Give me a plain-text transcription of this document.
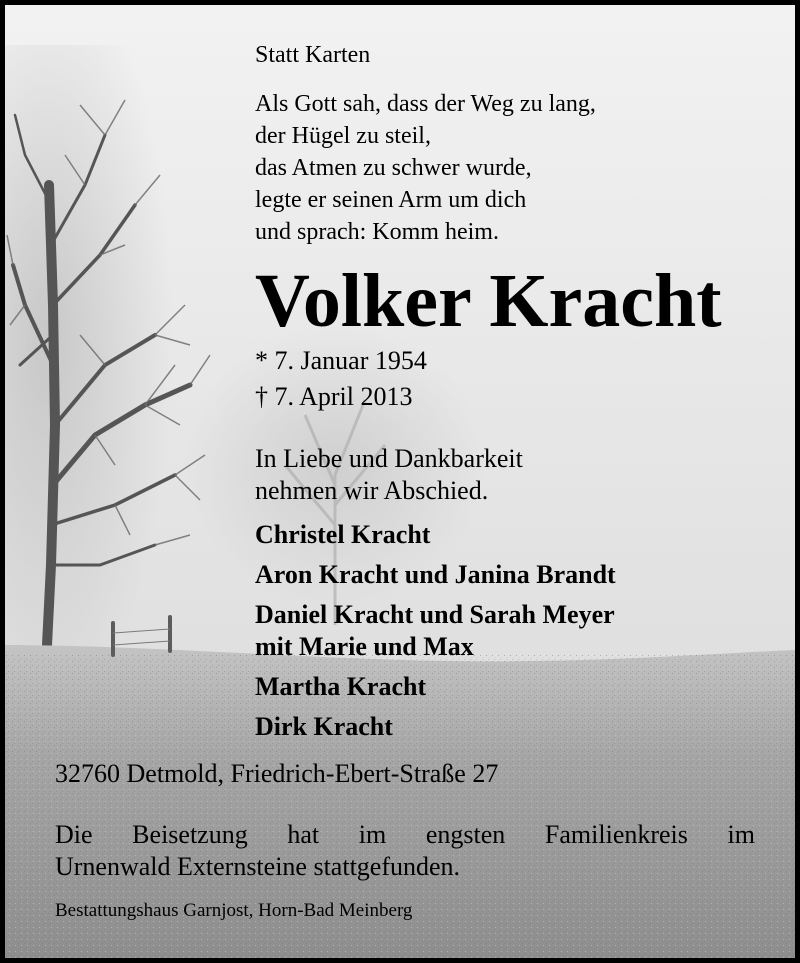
Statt Karten

Als Gott sah, dass der Weg zu lang,
der Hügel zu steil,
das Atmen zu schwer wurde,
legte er seinen Arm um dich
und sprach: Komm heim.
Volker Kracht
* 7. Januar 1954
† 7. April 2013
In Liebe und Dankbarkeit
nehmen wir Abschied.
Christel Kracht
Aron Kracht und Janina Brandt
Daniel Kracht und Sarah Meyer
mit Marie und Max
Martha Kracht
Dirk Kracht

32760 Detmold, Friedrich-Ebert-Straße 27

Die Beisetzung hat im engsten Familienkreis im
Urnenwald Externsteine stattgefunden.

Bestattungshaus Garnjost, Horn-Bad Meinberg
